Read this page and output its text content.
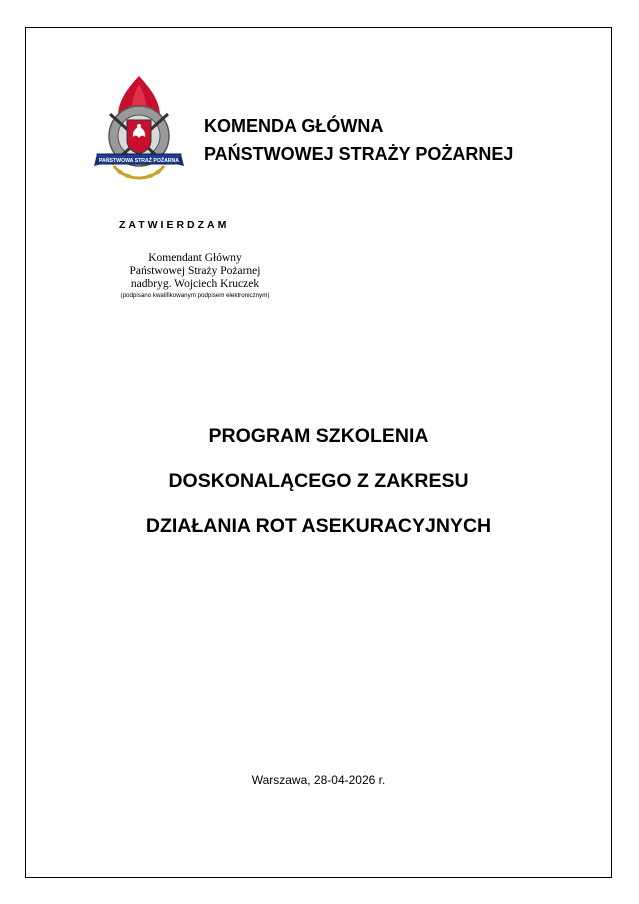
PAŃSTWOWA STRAŻ POŻARNA
KOMENDA GŁÓWNA
PAŃSTWOWEJ STRAŻY POŻARNEJ
ZATWIERDZAM
Komendant Główny
Państwowej Straży Pożarnej
nadbryg. Wojciech Kruczek
(podpisano kwalifikowanym podpisem elektronicznym)
PROGRAM SZKOLENIA
DOSKONALĄCEGO Z ZAKRESU
DZIAŁANIA ROT ASEKURACYJNYCH
Warszawa, 28-04-2026 r.
